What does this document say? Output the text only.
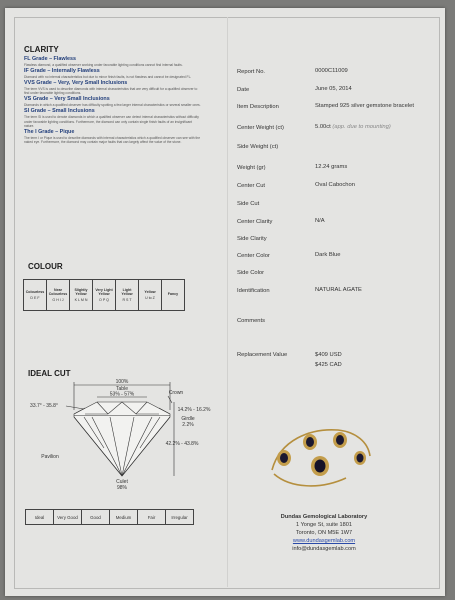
CLARITY
FL Grade – Flawless
Flawless diamond, a qualified observer working under favorable lighting conditions cannot find internal faults.
IF Grade – Internally Flawless
Diamond with no internal characteristics but due to minor finish faults, is not flawless and cannot be designated FL.
VVS Grade – Very, Very Small Inclusions
The term VVS is used to describe diamonds with internal characteristics that are very difficult for a qualified observer to find under favorable lighting conditions.
VS Grade – Very Small Inclusions
Diamonds in which a qualified observer has difficulty spotting a few larger internal characteristics or several smaller ones.
SI Grade – Small Inclusions
The term SI is used to denote diamonds in which a qualified observer can detect internal characteristics without difficulty under favorable lighting conditions. Furthermore, the diamond can only contain single finish faults of an insignificant nature.
The I Grade – Pique
The term I or Pique is used to describe diamonds with internal characteristics which a qualified observer can see with the naked eye. Furthermore, the diamond may contain major faults that can largely affect the value of the stone.
COLOUR
Colourless
D E F

Near Colourless
G H I J

Slightly Yellow
K L M N

Very Light Yellow
O P Q

Light Yellow
R S T

Yellow
U to Z

Fancy
IDEAL CUT
100%
Table
53% - 57%	Crown
33.7° - 35.8°
14.2% - 16.2%
Girdle
2.2%
42.2% - 43.8%
Pavilion
Culet
98%
Ideal	Very Good	Good	Medium	Fair	Irregular
Report No.	0000C11009
Date	June 05, 2014
Item Description	Stamped 925 silver gemstone bracelet
Center Weight (ct)	5.00ct (app. due to mounting)
Side Weight (ct)
Weight (gr)	12.24 grams
Center Cut	Oval Cabochon
Side Cut
Center Clarity	N/A
Side Clarity
Center Color	Dark Blue
Side Color
Identification	NATURAL AGATE
Comments
Replacement Value	$409 USD
$425 CAD
Dundas Gemological Laboratory
1 Yonge St, suite 1801
Toronto, ON M5E 1W7
www.dundasgemlab.com
info@dundasgemlab.com
